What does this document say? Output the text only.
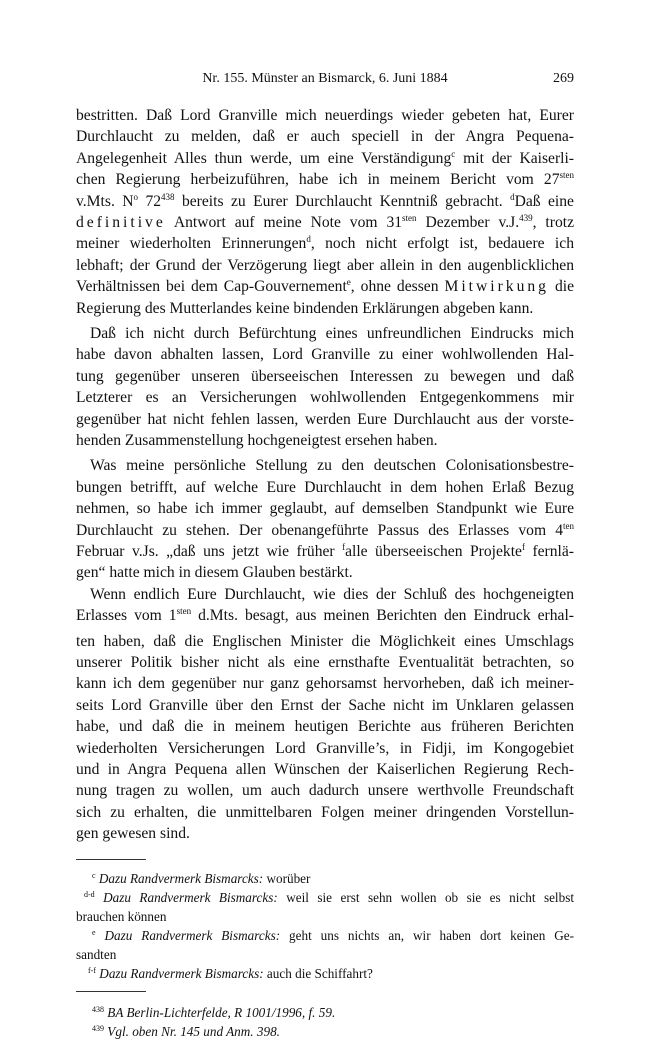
Nr. 155. Münster an Bismarck, 6. Juni 1884	269
bestritten. Daß Lord Granville mich neuerdings wieder gebeten hat, Eurer
Durchlaucht zu melden, daß er auch speciell in der Angra Pequena-
Angelegenheit Alles thun werde, um eine Verständigung$^c$ mit der Kaiserli-
chen Regierung herbeizuführen, habe ich in meinem Bericht vom $27^{sten}$
v.Mts. $N^o$ $72^{438}$ bereits zu Eurer Durchlaucht Kenntniß gebracht. $^d$Daß eine
definitive Antwort auf meine Note vom $31^{sten}$ Dezember v.J.$^{439}$, trotz
meiner wiederholten Erinnerungen$^d$, noch nicht erfolgt ist, bedauere ich
lebhaft; der Grund der Verzögerung liegt aber allein in den augenblicklichen
Verhältnissen bei dem Cap-Gouvernement$^e$, ohne dessen Mitwirkung die
Regierung des Mutterlandes keine bindenden Erklärungen abgeben kann.
Daß ich nicht durch Befürchtung eines unfreundlichen Eindrucks mich
habe davon abhalten lassen, Lord Granville zu einer wohlwollenden Hal-
tung gegenüber unseren überseeischen Interessen zu bewegen und daß
Letzterer es an Versicherungen wohlwollenden Entgegenkommens mir
gegenüber hat nicht fehlen lassen, werden Eure Durchlaucht aus der vorste-
henden Zusammenstellung hochgeneigtest ersehen haben.
Was meine persönliche Stellung zu den deutschen Colonisationsbestre-
bungen betrifft, auf welche Eure Durchlaucht in dem hohen Erlaß Bezug
nehmen, so habe ich immer geglaubt, auf demselben Standpunkt wie Eure
Durchlaucht zu stehen. Der obenangeführte Passus des Erlasses vom $4^{ten}$
Februar v.Js. „daß uns jetzt wie früher $^f$alle überseeischen Projekte$^f$ fernlä-
gen“ hatte mich in diesem Glauben bestärkt.
Wenn endlich Eure Durchlaucht, wie dies der Schluß des hochgeneigten
Erlasses vom $1^{sten}$ d.Mts. besagt, aus meinen Berichten den Eindruck erhal-
ten haben, daß die Englischen Minister die Möglichkeit eines Umschlags
unserer Politik bisher nicht als eine ernsthafte Eventualität betrachten, so
kann ich dem gegenüber nur ganz gehorsamst hervorheben, daß ich meiner-
seits Lord Granville über den Ernst der Sache nicht im Unklaren gelassen
habe, und daß die in meinem heutigen Berichte aus früheren Berichten
wiederholten Versicherungen Lord Granville’s, in Fidji, im Kongogebiet
und in Angra Pequena allen Wünschen der Kaiserlichen Regierung Rech-
nung tragen zu wollen, um auch dadurch unsere werthvolle Freundschaft
sich zu erhalten, die unmittelbaren Folgen meiner dringenden Vorstellun-
gen gewesen sind.
$^c$ Dazu Randvermerk Bismarcks: worüber
$^{d-d}$ Dazu Randvermerk Bismarcks: weil sie erst sehn wollen ob sie es nicht selbst
brauchen können
$^e$ Dazu Randvermerk Bismarcks: geht uns nichts an, wir haben dort keinen Ge-
sandten
$^{f-f}$ Dazu Randvermerk Bismarcks: auch die Schiffahrt?
$^{438}$ BA Berlin-Lichterfelde, R 1001/1996, f. 59.
$^{439}$ Vgl. oben Nr. 145 und Anm. 398.
